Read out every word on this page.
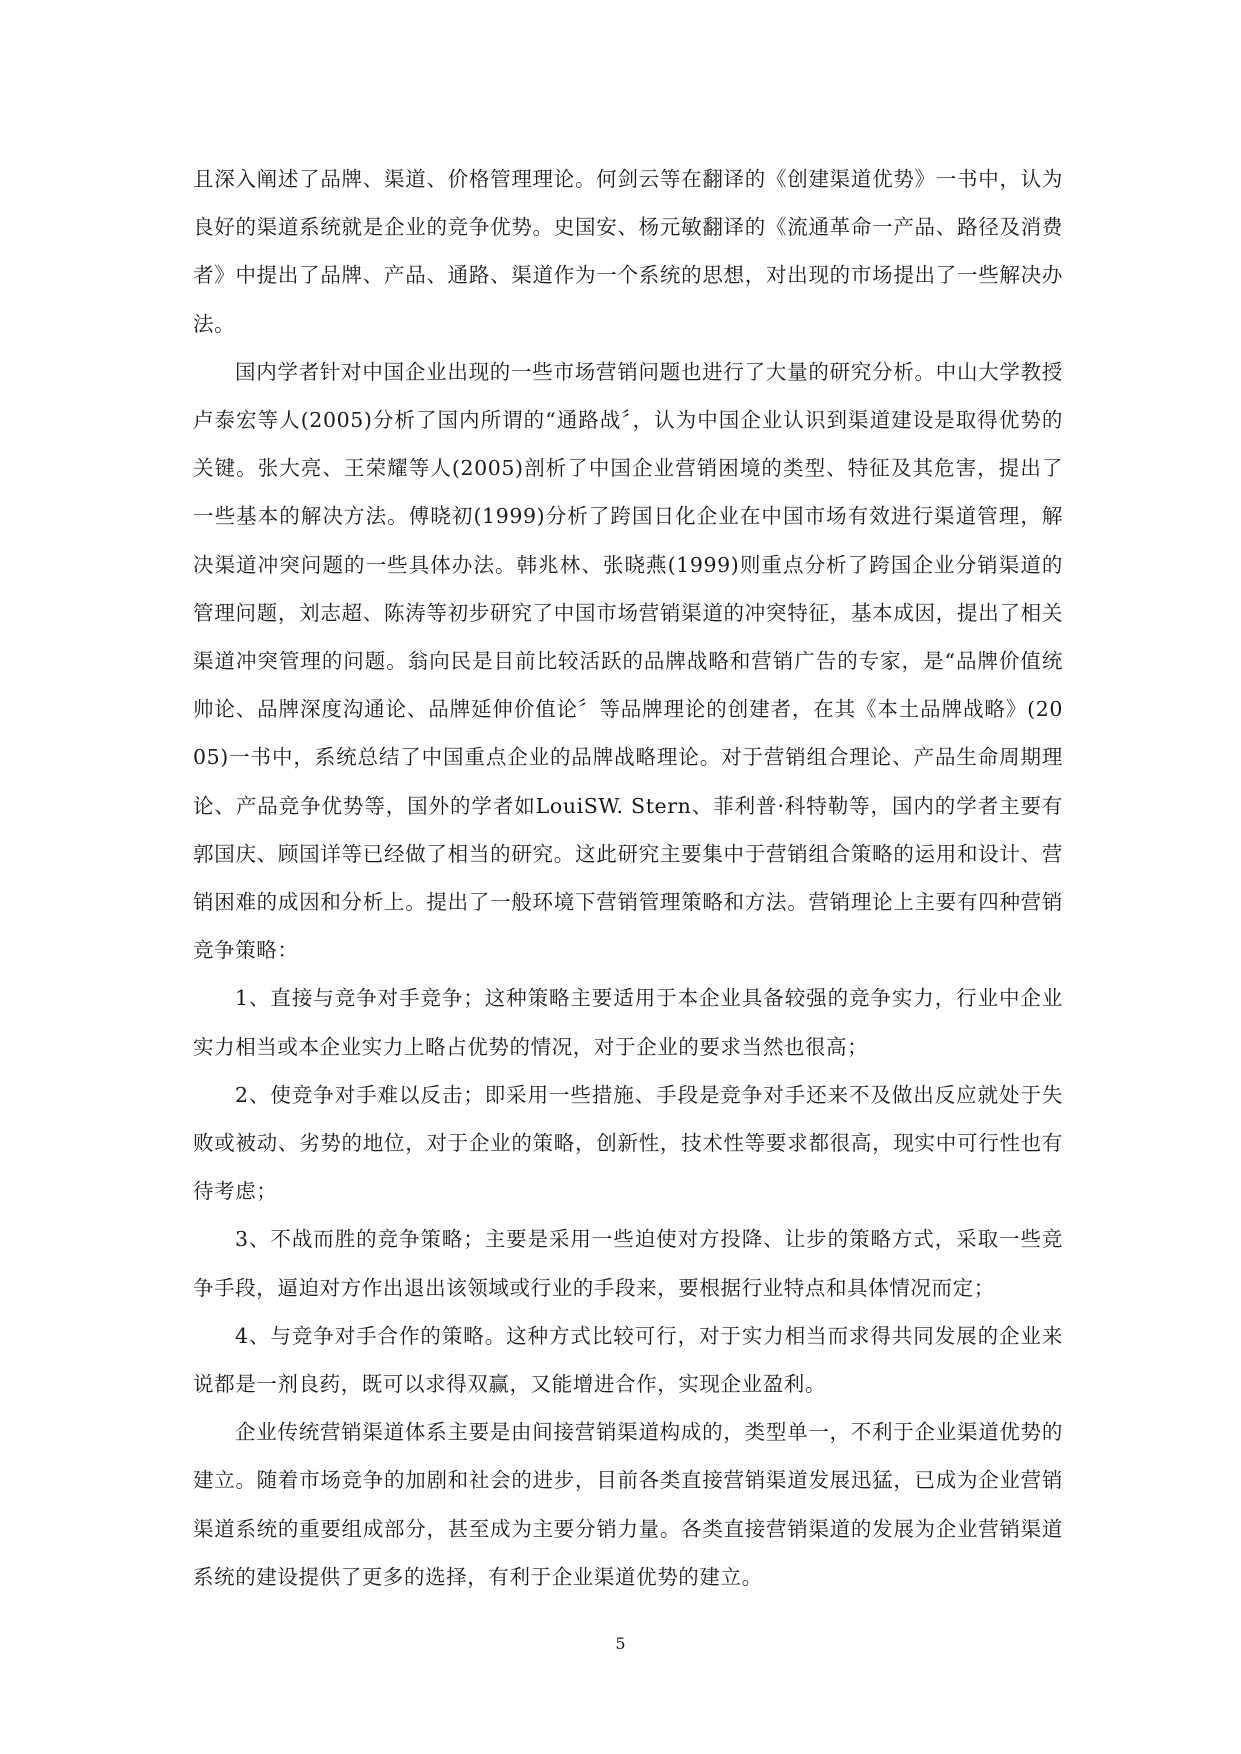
且深入阐述了品牌、渠道、价格管理理论。何剑云等在翻译的《创建渠道优势》一书中，认为良好的渠道系统就是企业的竞争优势。史国安、杨元敏翻译的《流通革命一产品、路径及消费者》中提出了品牌、产品、通路、渠道作为一个系统的思想，对出现的市场提出了一些解决办法。

国内学者针对中国企业出现的一些市场营销问题也进行了大量的研究分析。中山大学教授卢泰宏等人(2005)分析了国内所谓的“通路战〞，认为中国企业认识到渠道建设是取得优势的关键。张大亮、王荣耀等人(2005)剖析了中国企业营销困境的类型、特征及其危害，提出了一些基本的解决方法。傅晓初(1999)分析了跨国日化企业在中国市场有效进行渠道管理，解决渠道冲突问题的一些具体办法。韩兆林、张晓燕(1999)则重点分析了跨国企业分销渠道的管理问题，刘志超、陈涛等初步研究了中国市场营销渠道的冲突特征，基本成因，提出了相关渠道冲突管理的问题。翁向民是目前比较活跃的品牌战略和营销广告的专家，是“品牌价值统帅论、品牌深度沟通论、品牌延伸价值论〞等品牌理论的创建者，在其《本土品牌战略》(2005)一书中，系统总结了中国重点企业的品牌战略理论。对于营销组合理论、产品生命周期理论、产品竞争优势等，国外的学者如LouiSW. Stern、菲利普·科特勒等，国内的学者主要有郭国庆、顾国详等已经做了相当的研究。这此研究主要集中于营销组合策略的运用和设计、营销困难的成因和分析上。提出了一般环境下营销管理策略和方法。营销理论上主要有四种营销竞争策略：

1、直接与竞争对手竞争；这种策略主要适用于本企业具备较强的竞争实力，行业中企业实力相当或本企业实力上略占优势的情况，对于企业的要求当然也很高；

2、使竞争对手难以反击；即采用一些措施、手段是竞争对手还来不及做出反应就处于失败或被动、劣势的地位，对于企业的策略，创新性，技术性等要求都很高，现实中可行性也有待考虑；

3、不战而胜的竞争策略；主要是采用一些迫使对方投降、让步的策略方式，采取一些竞争手段，逼迫对方作出退出该领域或行业的手段来，要根据行业特点和具体情况而定；

4、与竞争对手合作的策略。这种方式比较可行，对于实力相当而求得共同发展的企业来说都是一剂良药，既可以求得双赢，又能增进合作，实现企业盈利。

企业传统营销渠道体系主要是由间接营销渠道构成的，类型单一，不利于企业渠道优势的建立。随着市场竞争的加剧和社会的进步，目前各类直接营销渠道发展迅猛，已成为企业营销渠道系统的重要组成部分，甚至成为主要分销力量。各类直接营销渠道的发展为企业营销渠道系统的建设提供了更多的选择，有利于企业渠道优势的建立。

5
